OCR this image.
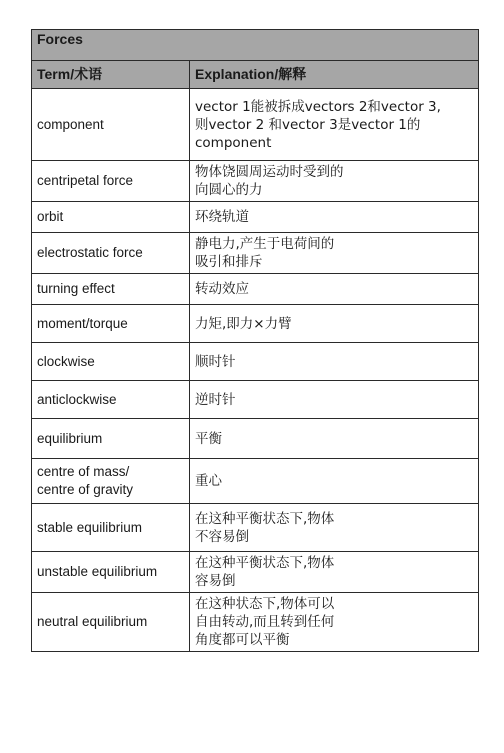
Forces	
Term/术语	Explanation/解释
component	vector 1能被拆成vectors 2和vector 3,
则vector 2 和vector 3是vector 1的
component

centripetal force	物体饶圆周运动时受到的
向圆心的力

orbit	环绕轨道

electrostatic force	静电力,产生于电荷间的
吸引和排斥

turning effect	转动效应

moment/torque	力矩,即力×力臂

clockwise	顺时针

anticlockwise	逆时针

equilibrium	平衡

centre of mass/
centre of gravity	重心

stable equilibrium	在这种平衡状态下,物体
不容易倒

unstable equilibrium	在这种平衡状态下,物体
容易倒

neutral equilibrium	在这种状态下,物体可以
自由转动,而且转到任何
角度都可以平衡
